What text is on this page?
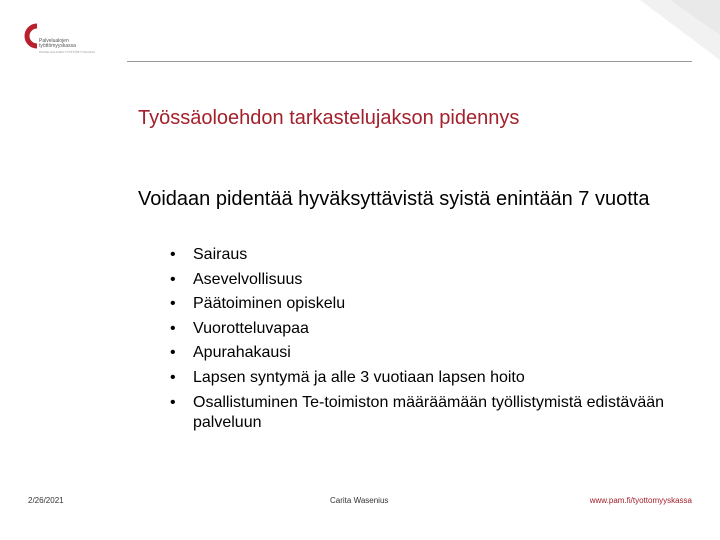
Palvelualojen
työttömyyskassa
PALVELUALOJEN TYÖTTÖMYYSKASSA
Työssäoloehdon tarkastelujakson pidennys
Voidaan pidentää hyväksyttävistä syistä enintään 7 vuotta
• Sairaus
• Asevelvollisuus
• Päätoiminen opiskelu
• Vuorotteluvapaa
• Apurahakausi
• Lapsen syntymä ja alle 3 vuotiaan lapsen hoito
• Osallistuminen Te-toimiston määräämään työllistymistä edistävään palveluun
2/26/2021	Carita Wasenius	www.pam.fi/tyottomyyskassa
